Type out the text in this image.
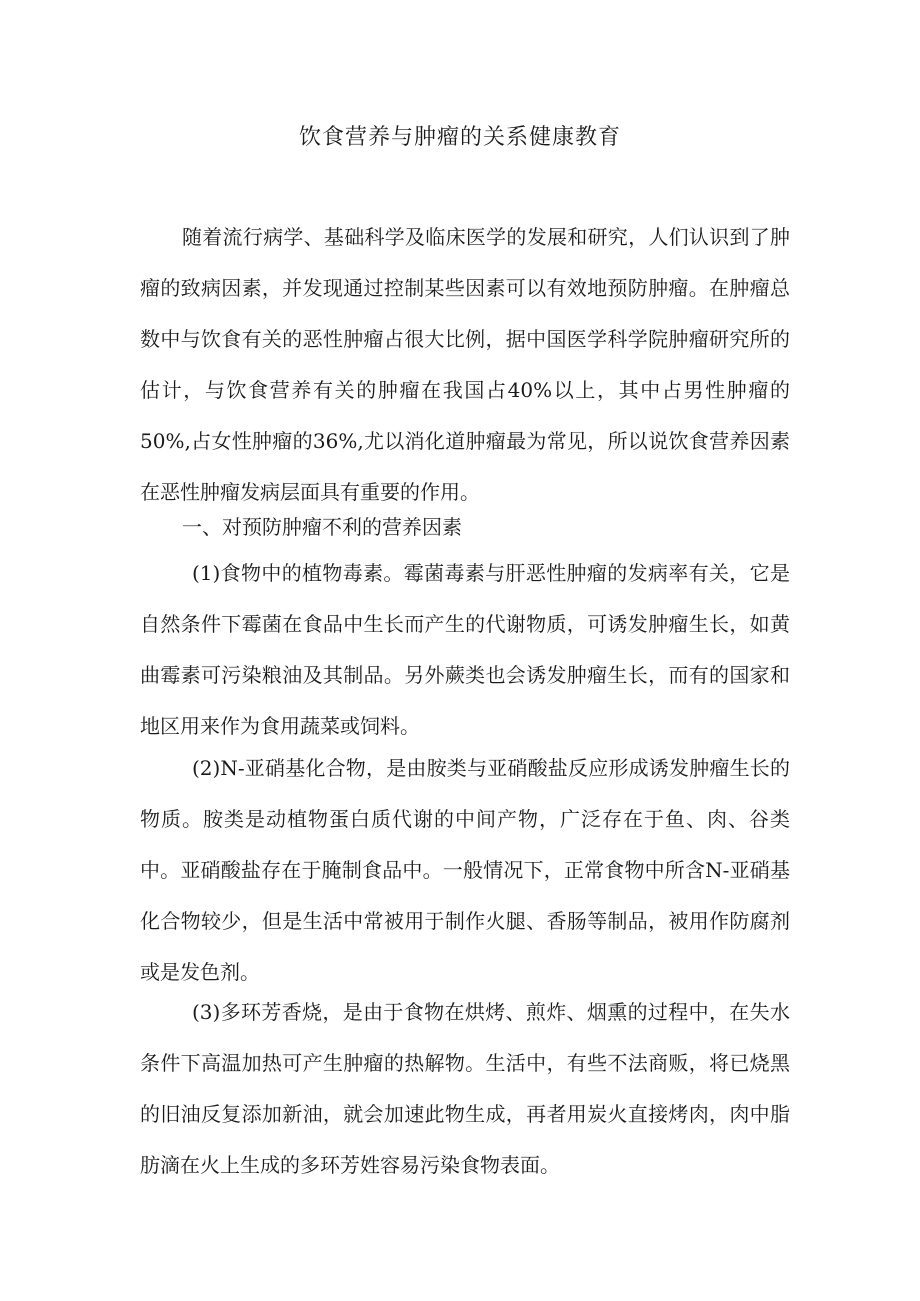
饮食营养与肿瘤的关系健康教育

随着流行病学、基础科学及临床医学的发展和研究，人们认识到了肿瘤的致病因素，并发现通过控制某些因素可以有效地预防肿瘤。在肿瘤总数中与饮食有关的恶性肿瘤占很大比例，据中国医学科学院肿瘤研究所的估计，与饮食营养有关的肿瘤在我国占40%以上，其中占男性肿瘤的50%,占女性肿瘤的36%,尤以消化道肿瘤最为常见，所以说饮食营养因素在恶性肿瘤发病层面具有重要的作用。

一、对预防肿瘤不利的营养因素

(1)食物中的植物毒素。霉菌毒素与肝恶性肿瘤的发病率有关，它是自然条件下霉菌在食品中生长而产生的代谢物质，可诱发肿瘤生长，如黄曲霉素可污染粮油及其制品。另外蕨类也会诱发肿瘤生长，而有的国家和地区用来作为食用蔬菜或饲料。

(2)N-亚硝基化合物，是由胺类与亚硝酸盐反应形成诱发肿瘤生长的物质。胺类是动植物蛋白质代谢的中间产物，广泛存在于鱼、肉、谷类中。亚硝酸盐存在于腌制食品中。一般情况下，正常食物中所含N-亚硝基化合物较少，但是生活中常被用于制作火腿、香肠等制品，被用作防腐剂或是发色剂。

(3)多环芳香烧，是由于食物在烘烤、煎炸、烟熏的过程中，在失水条件下高温加热可产生肿瘤的热解物。生活中，有些不法商贩，将已烧黑的旧油反复添加新油，就会加速此物生成，再者用炭火直接烤肉，肉中脂肪滴在火上生成的多环芳姓容易污染食物表面。
